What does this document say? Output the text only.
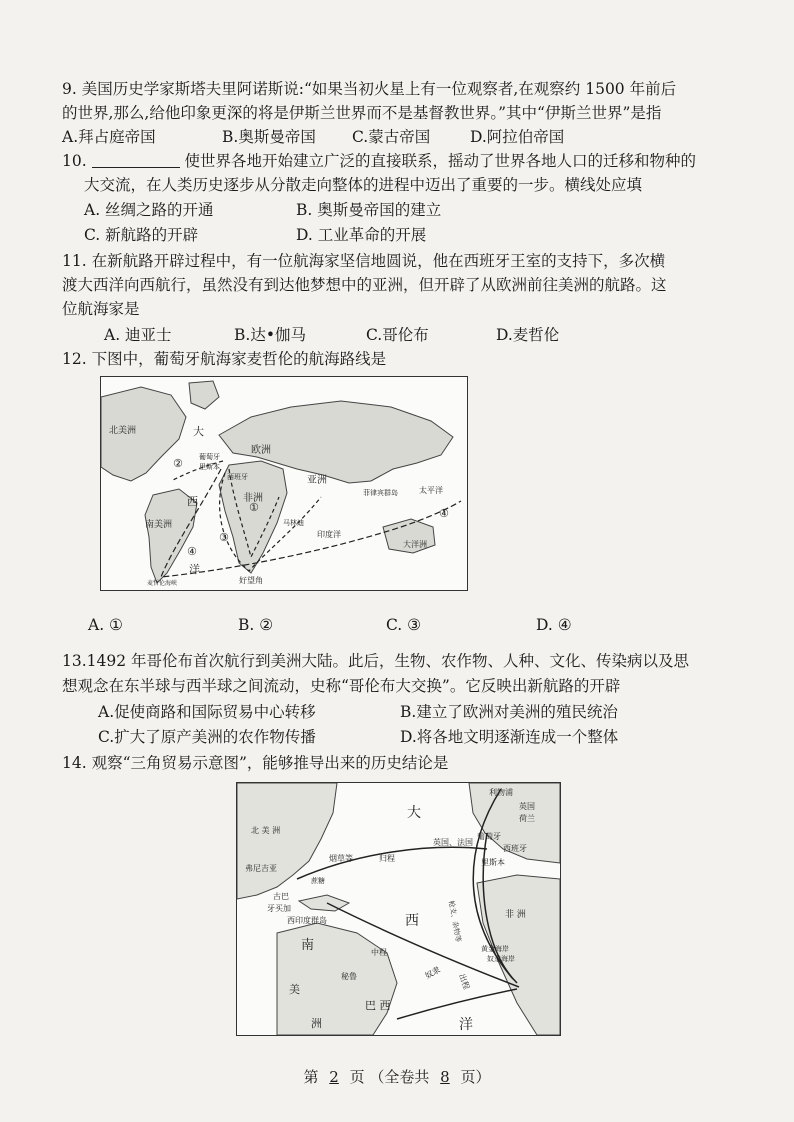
9. 美国历史学家斯塔夫里阿诺斯说:“如果当初火星上有一位观察者,在观察约 1500 年前后
的世界,那么,给他印象更深的将是伊斯兰世界而不是基督教世界。”其中“伊斯兰世界”是指
A.拜占庭帝国	B.奥斯曼帝国 C.蒙古帝国	D.阿拉伯帝国
10.	使世界各地开始建立广泛的直接联系，摇动了世界各地人口的迁移和物种的
大交流，在人类历史逐步从分散走向整体的进程中迈出了重要的一步。横线处应填
A. 丝绸之路的开通	B. 奥斯曼帝国的建立
C. 新航路的开辟	D. 工业革命的开展
11. 在新航路开辟过程中，有一位航海家坚信地圆说，他在西班牙王室的支持下，多次横
渡大西洋向西航行，虽然没有到达他梦想中的亚洲，但开辟了从欧洲前往美洲的航路。这
位航海家是
A. 迪亚士	B.达•伽马	C.哥伦布	D.麦哲伦
12. 下图中，葡萄牙航海家麦哲伦的航海路线是
北美洲	大
西
洋
欧洲
葡萄牙
里斯本
西班牙	亚洲
非洲
南美洲
太平洋
菲律宾群岛
印度洋
大洋洲
马林迪
好望角
麦哲伦海峡
①
②
③
④
④
A. ①	B. ②	C. ③	D. ④
13.1492 年哥伦布首次航行到美洲大陆。此后，生物、农作物、人种、文化、传染病以及思
想观念在东半球与西半球之间流动，史称“哥伦布大交换”。它反映出新航路的开辟
A.促使商路和国际贸易中心转移	B.建立了欧洲对美洲的殖民统治
C.扩大了原产美洲的农作物传播	D.将各地文明逐渐连成一个整体
14. 观察“三角贸易示意图”，能够推导出来的历史结论是
大
西
洋
北 美 洲
利物浦
英国
荷兰
英国、法国
葡萄牙
西班牙
里斯本
烟草等	归程
蔗糖
弗尼吉亚
古巴
牙买加
西印度群岛	枪支、杂物等
中程
奴隶 出程
非 洲
黄金海岸
奴隶海岸
南
美
洲
秘鲁
巴 西
第 2 页 （全卷共 8 页）
